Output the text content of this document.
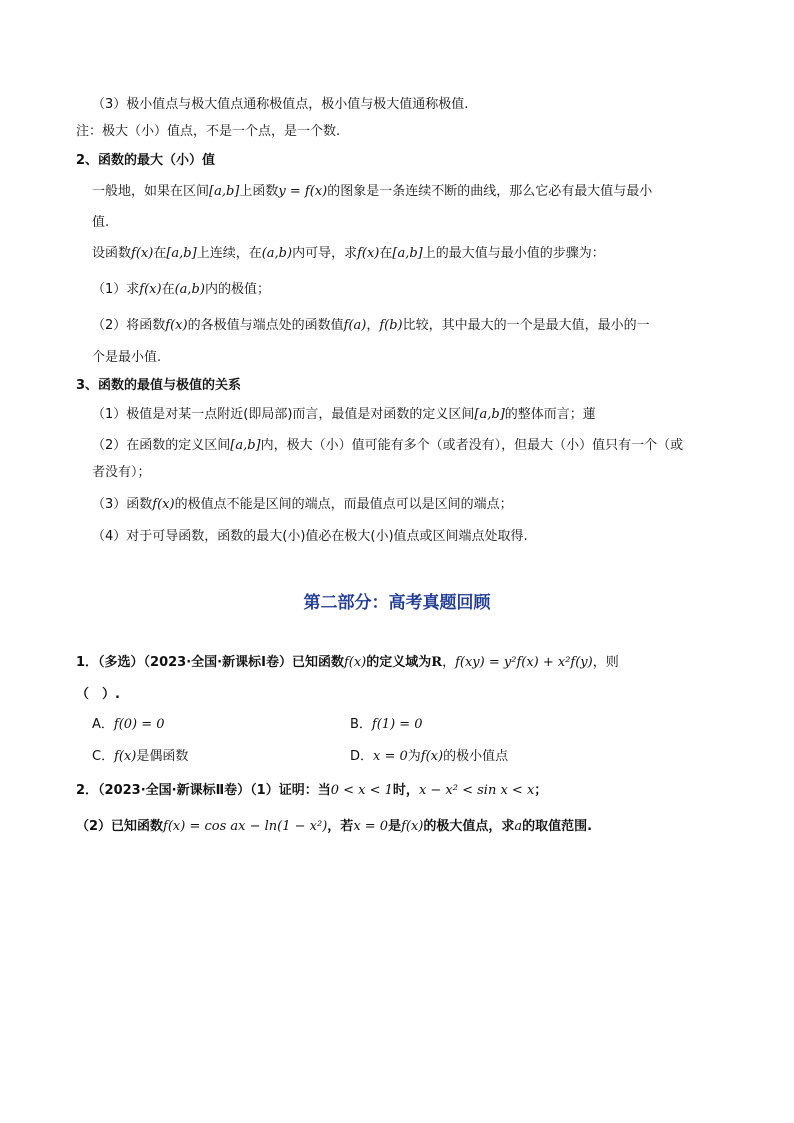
（3）极小值点与极大值点通称极值点，极小值与极大值通称极值.
注：极大（小）值点，不是一个点，是一个数.
2、函数的最大（小）值
一般地，如果在区间[a,b]上函数y = f(x)的图象是一条连续不断的曲线，那么它必有最大值与最小
值.
设函数f(x)在[a,b]上连续，在(a,b)内可导，求f(x)在[a,b]上的最大值与最小值的步骤为：
（1）求f(x)在(a,b)内的极值；
（2）将函数f(x)的各极值与端点处的函数值f(a)，f(b)比较，其中最大的一个是最大值，最小的一
个是最小值.
3、函数的最值与极值的关系
（1）极值是对某一点附近(即局部)而言，最值是对函数的定义区间[a,b]的整体而言；蓮
（2）在函数的定义区间[a,b]内，极大（小）值可能有多个（或者没有），但最大（小）值只有一个（或
者没有）；
（3）函数f(x)的极值点不能是区间的端点，而最值点可以是区间的端点；
（4）对于可导函数，函数的最大(小)值必在极大(小)值点或区间端点处取得.
第二部分：高考真题回顾
1．（多选）（2023·全国·新课标Ⅰ卷）已知函数f(x)的定义域为R，f(xy) = y²f(x) + x²f(y)，则
（　）.
A．f(0) = 0	B．f(1) = 0
C．f(x)是偶函数	D．x = 0为f(x)的极小值点
2．（2023·全国·新课标Ⅱ卷）（1）证明：当0 < x < 1时，x − x² < sin x < x；
（2）已知函数f(x) = cos ax − ln(1 − x²)，若x = 0是f(x)的极大值点，求a的取值范围.
